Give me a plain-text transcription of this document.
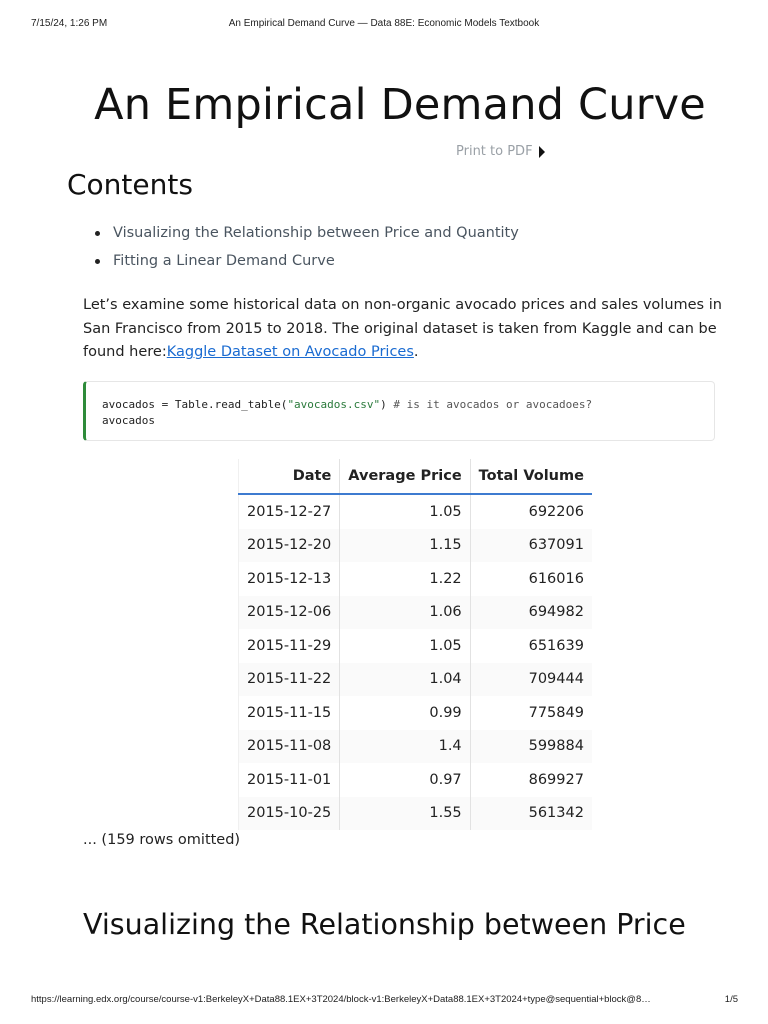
7/15/24, 1:26 PM	An Empirical Demand Curve — Data 88E: Economic Models Textbook
An Empirical Demand Curve
Print to PDF
Contents
Visualizing the Relationship between Price and Quantity
Fitting a Linear Demand Curve

Let’s examine some historical data on non-organic avocado prices and sales volumes in San Francisco from 2015 to 2018. The original dataset is taken from Kaggle and can be found here:Kaggle Dataset on Avocado Prices.

avocados = Table.read_table("avocados.csv") # is it avocados or avocadoes?
avocados
Date	Average Price	Total Volume
2015-12-27	1.05	692206
2015-12-20	1.15	637091
2015-12-13	1.22	616016
2015-12-06	1.06	694982
2015-11-29	1.05	651639
2015-11-22	1.04	709444
2015-11-15	0.99	775849
2015-11-08	1.4	599884
2015-11-01	0.97	869927
2015-10-25	1.55	561342
... (159 rows omitted)
Visualizing the Relationship between Price
https://learning.edx.org/course/course-v1:BerkeleyX+Data88.1EX+3T2024/block-v1:BerkeleyX+Data88.1EX+3T2024+type@sequential+block@8…	1/5
